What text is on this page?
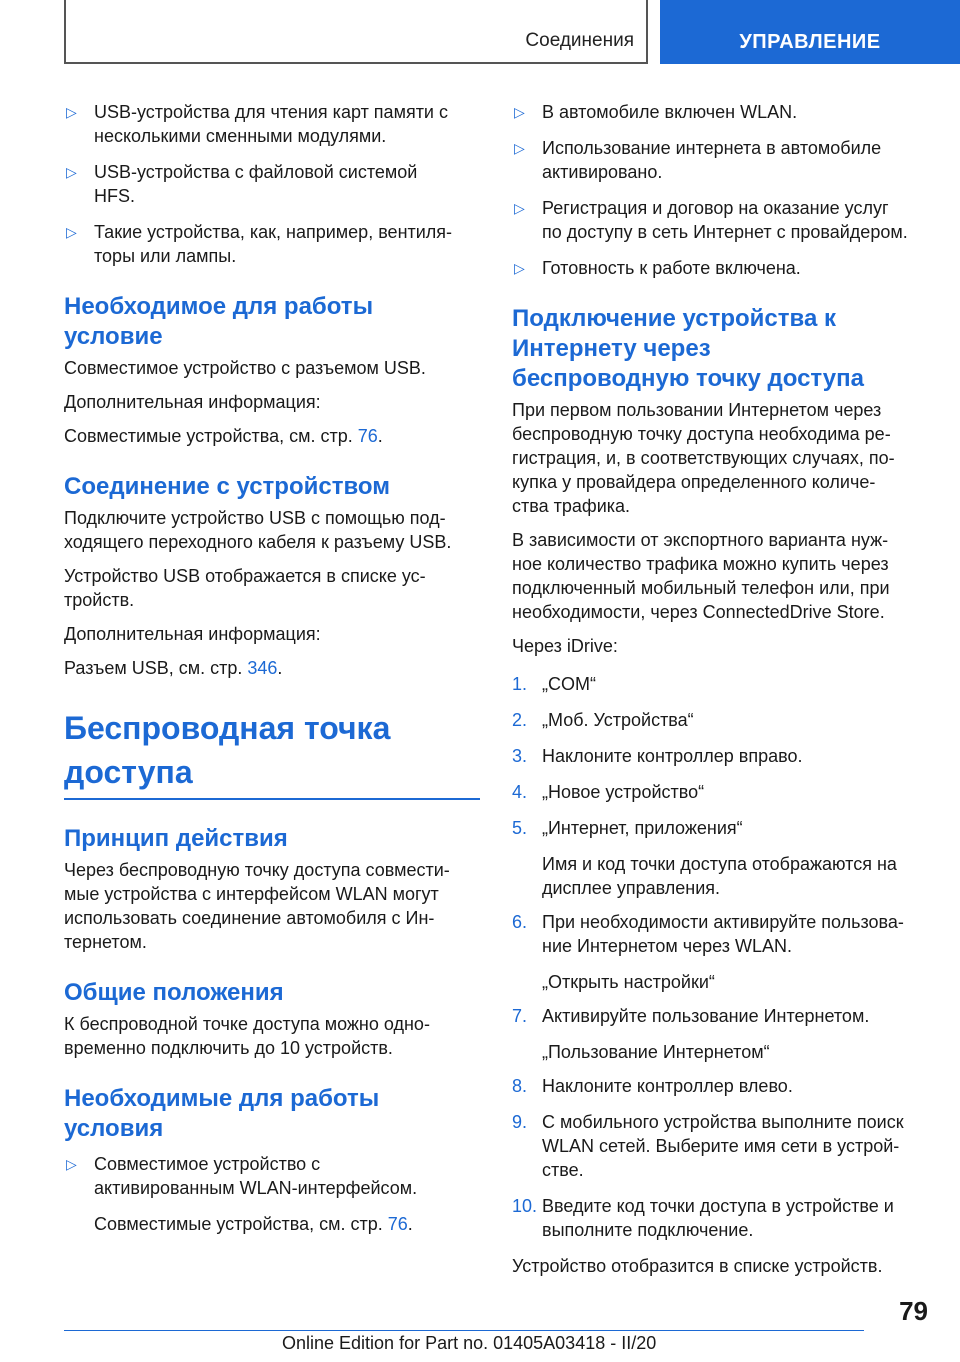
Соединения	УПРАВЛЕНИЕ
▷ USB-устройства для чтения карт памяти с
несколькими сменными модулями.
▷ USB-устройства с файловой системой
HFS.
▷ Такие устройства, как, например, вентиля-
торы или лампы.
Необходимое для работы
условие

Совместимое устройство с разъемом USB.

Дополнительная информация:

Совместимые устройства, см. стр. 76.

Соединение с устройством

Подключите устройство USB с помощью под-
ходящего переходного кабеля к разъему USB.

Устройство USB отображается в списке ус-
тройств.

Дополнительная информация:

Разъем USB, см. стр. 346.

Беспроводная точка
доступа
Принцип действия

Через беспроводную точку доступа совмести-
мые устройства с интерфейсом WLAN могут
использовать соединение автомобиля с Ин-
тернетом.

Общие положения

К беспроводной точке доступа можно одно-
временно подключить до 10 устройств.

Необходимые для работы
условия
▷ Совместимое устройство с
активированным WLAN-интерфейсом.
Совместимые устройства, см. стр. 76.
▷ В автомобиле включен WLAN.
▷ Использование интернета в автомобиле
активировано.
▷ Регистрация и договор на оказание услуг
по доступу в сеть Интернет с провайдером.
▷ Готовность к работе включена.
Подключение устройства к
Интернету через
беспроводную точку доступа

При первом пользовании Интернетом через
беспроводную точку доступа необходима ре-
гистрация, и, в соответствующих случаях, по-
купка у провайдера определенного количе-
ства трафика.

В зависимости от экспортного варианта нуж-
ное количество трафика можно купить через
подключенный мобильный телефон или, при
необходимости, через ConnectedDrive Store.

Через iDrive:

1. „COM“
2. „Моб. Устройства“
3. Наклоните контроллер вправо.
4. „Новое устройство“
5. „Интернет, приложения“
Имя и код точки доступа отображаются на
дисплее управления.
6. При необходимости активируйте пользова-
ние Интернетом через WLAN.
„Открыть настройки“
7. Активируйте пользование Интернетом.
„Пользование Интернетом“
8. Наклоните контроллер влево.
9. С мобильного устройства выполните поиск
WLAN сетей. Выберите имя сети в устрой-
стве.
10. Введите код точки доступа в устройстве и
выполните подключение.

Устройство отобразится в списке устройств.

79
Online Edition for Part no. 01405A03418 - II/20
